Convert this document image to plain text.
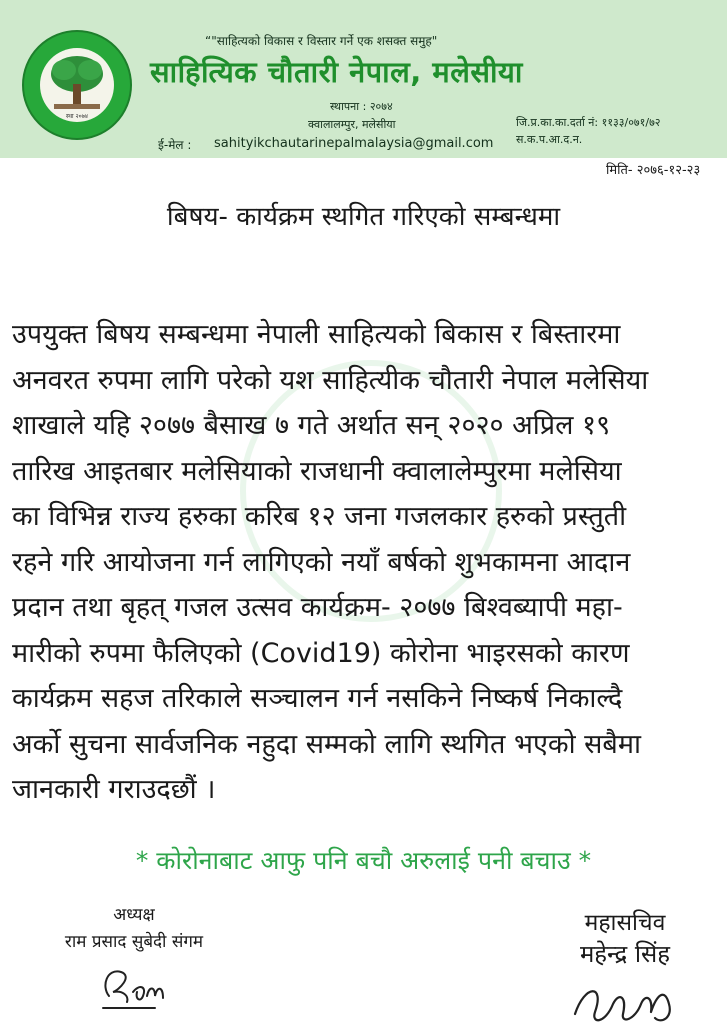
स्था २०७४
“"साहित्यको विकास र विस्तार गर्ने एक शसक्त समुह"
साहित्यिक चौतारी नेपाल, मलेसीया
स्थापना : २०७४
क्वालालम्पुर, मलेसीया
ई-मेल : sahityikchautarinepalmalaysia@gmail.com
जि.प्र.का.का.दर्ता नं: ११३३/०७१/७२
स.क.प.आ.द.न.
मिति- २०७६-१२-२३
बिषय- कार्यक्रम स्थगित गरिएको सम्बन्धमा
उपयुक्त बिषय सम्बन्धमा नेपाली साहित्यको बिकास र बिस्तारमा
अनवरत रुपमा लागि परेको यश साहित्यीक चौतारी नेपाल मलेसिया
शाखाले यहि २०७७ बैसाख ७ गते अर्थात सन् २०२० अप्रिल १९
तारिख आइतबार मलेसियाको राजधानी क्वालालेम्पुरमा मलेसिया
का विभिन्न राज्य हरुका करिब १२ जना गजलकार हरुको प्रस्तुती
रहने गरि आयोजना गर्न लागिएको नयाँ बर्षको शुभकामना आदान
प्रदान तथा बृहत् गजल उत्सव कार्यक्रम- २०७७ बिश्वब्यापी महा-
मारीको रुपमा फैलिएको (Covid19) कोरोना भाइरसको कारण
कार्यक्रम सहज तरिकाले सञ्चालन गर्न नसकिने निष्कर्ष निकाल्दै
अर्को सुचना सार्वजनिक नहुदा सम्मको लागि स्थगित भएको सबैमा
जानकारी गराउदछौं ।
* कोरोनाबाट आफु पनि बचौ अरुलाई पनी बचाउ *
अध्यक्ष
राम प्रसाद सुबेदी संगम
महासचिव
महेन्द्र सिंह
